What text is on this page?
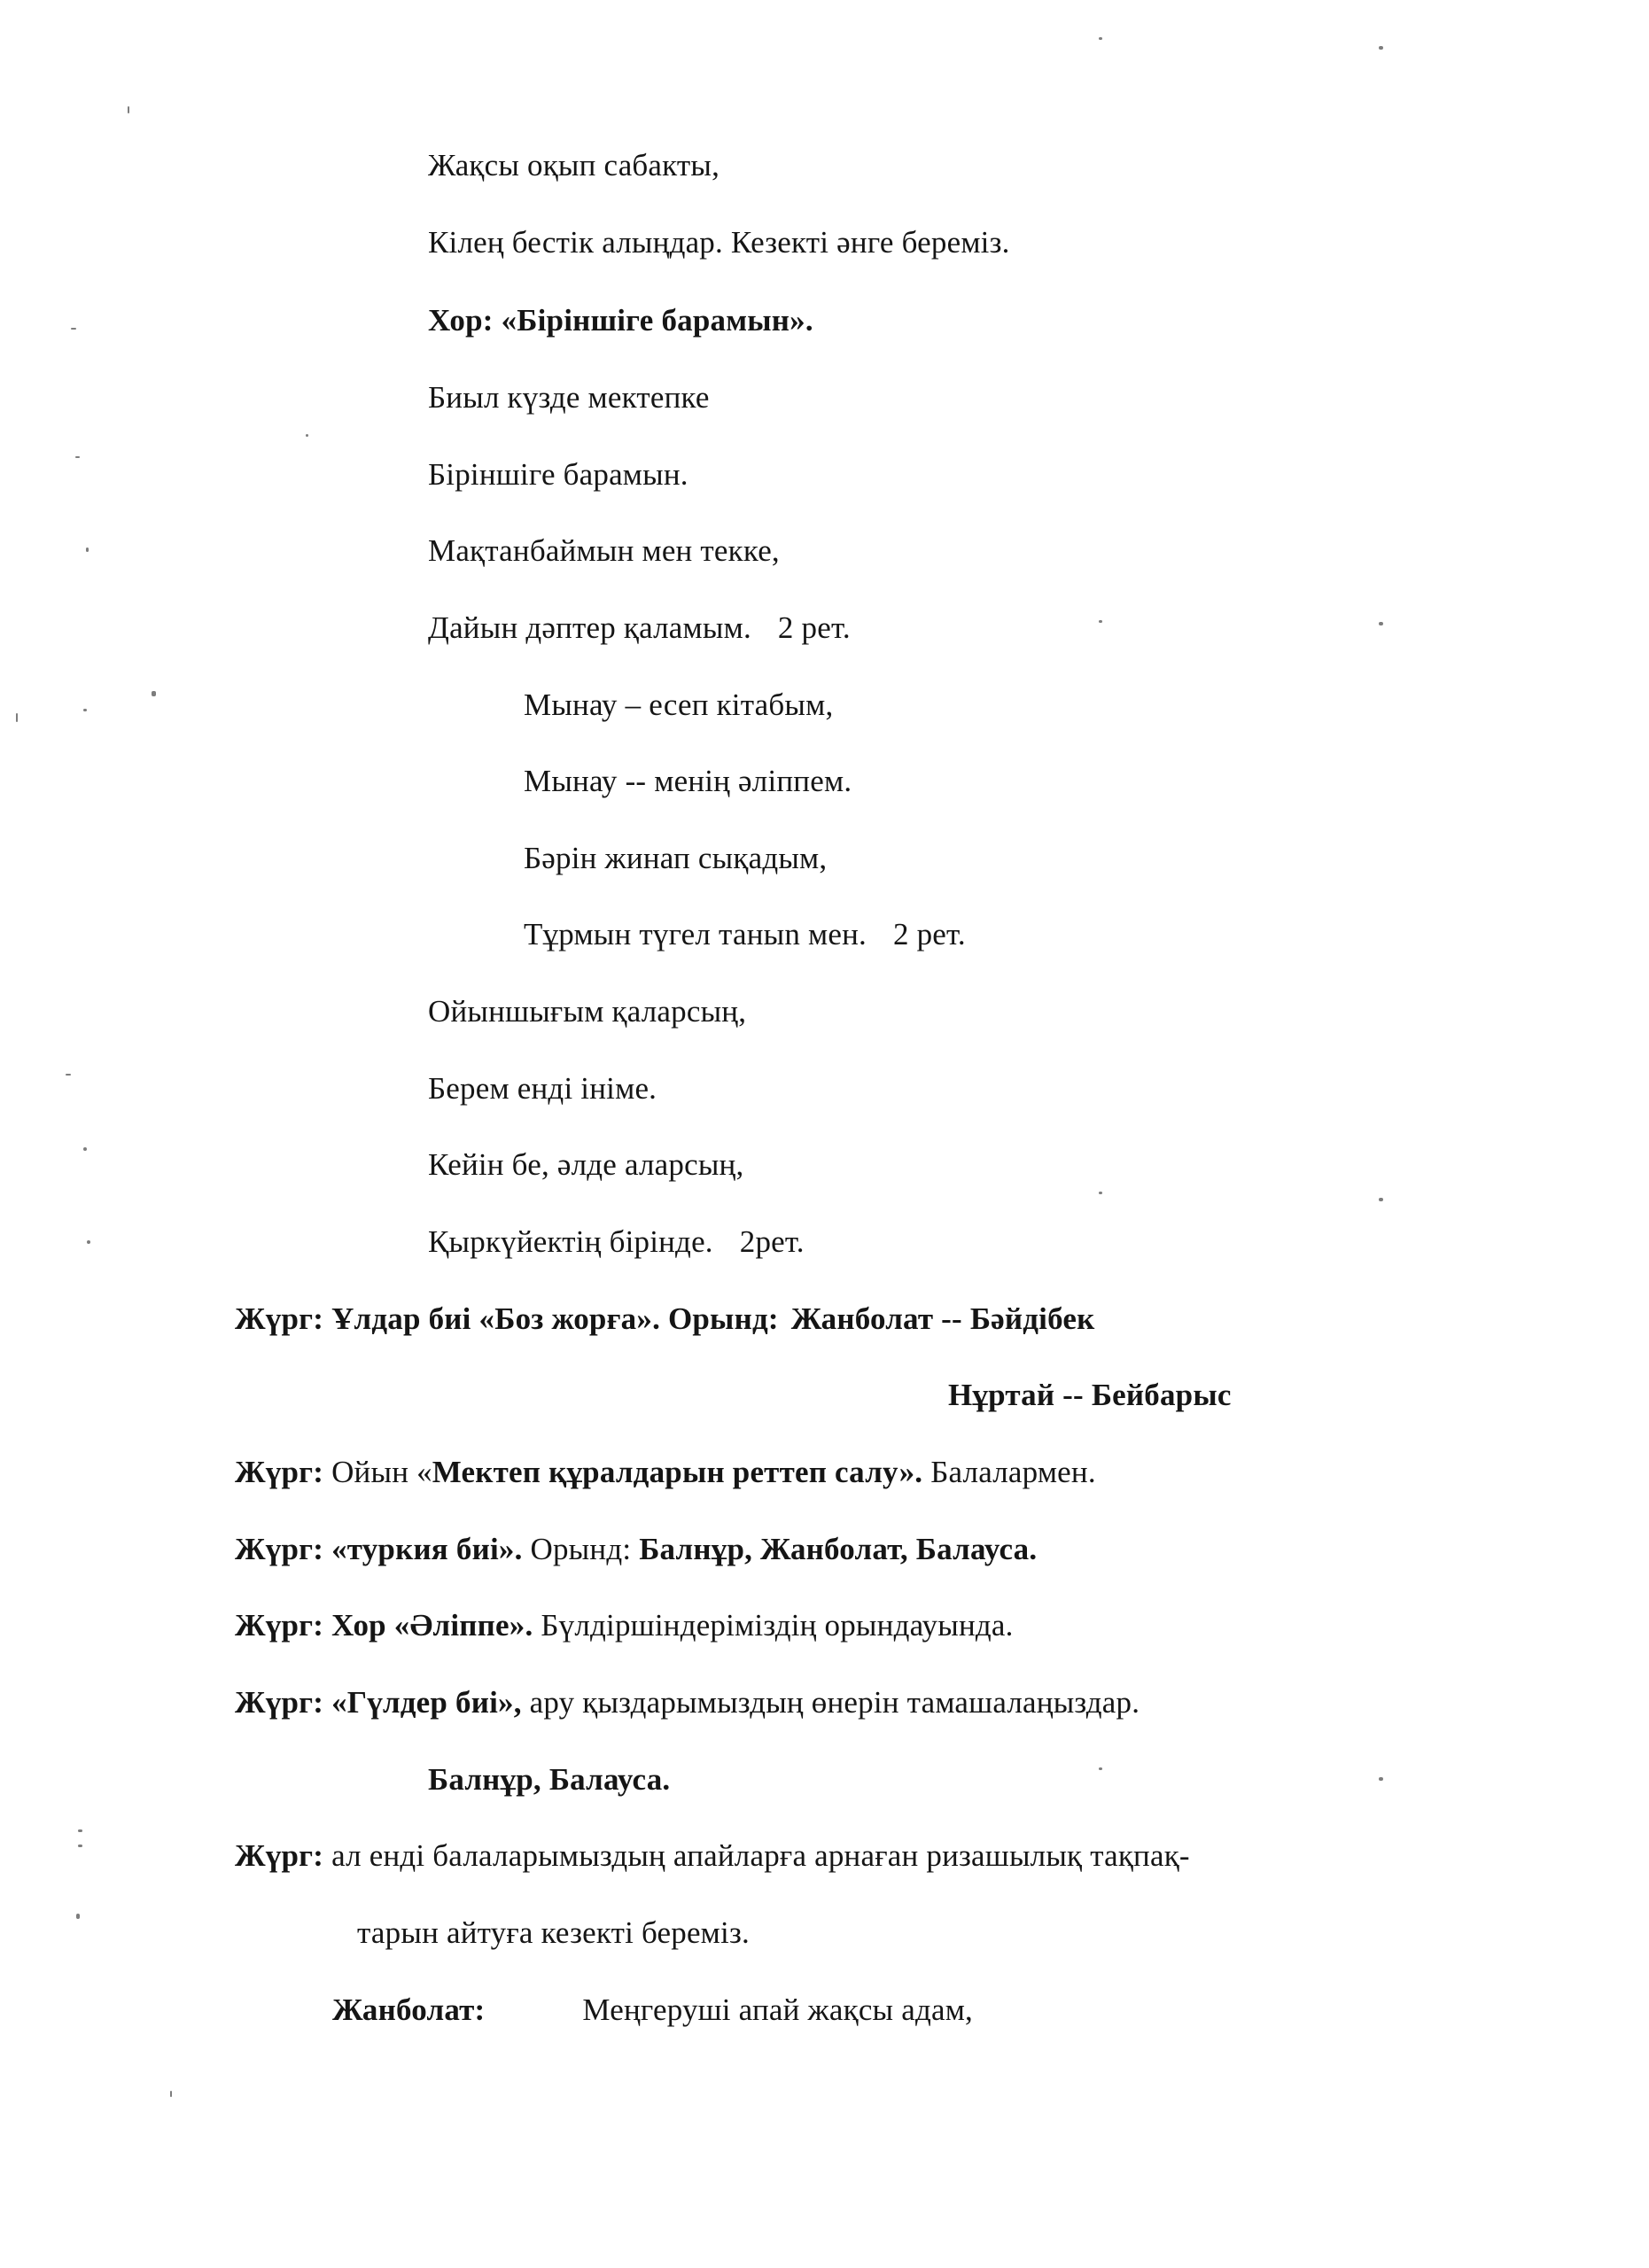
Жақсы оқып сабакты,
Кілең бестік алыңдар. Кезекті әнге береміз.
Хор: «Біріншіге барамын».
Биыл күзде мектепке
Біріншіге барамын.
Мақтанбаймын мен текке,
Дайын дәптер қаламым. 2 рет.
Мынау – есеп кітабым,
Мынау -- менің әліппем.
Бәрін жинап сықадым,
Тұрмын түгел таныn мен. 2 рет.
Ойыншығым қаларсың,
Берем енді ініме.
Кейін бе, әлде аларсың,
Қыркүйектің бірінде. 2рет.
Жүрг: Ұлдар биі «Боз жорға». Орынд: Жанболат -- Бәйдібек
Нұртай -- Бейбарыс
Жүрг: Ойын «Мектеп құралдарын реттеп салу». Балалармен.
Жүрг: «туркия биі». Орынд: Балнұр, Жанболат, Балауса.
Жүрг: Хор «Әліппе». Бүлдіршіндеріміздің орындауында.
Жүрг: «Гүлдер биі», ару қыздарымыздың өнерін тамашалаңыздар.
Балнұр, Балауса.
Жүрг: ал енді балаларымыздың апайларға арнаған ризашылық тақпақ-
тарын айтуға кезекті береміз.
Жанболат:	Меңгеруші апай жақсы адам,
